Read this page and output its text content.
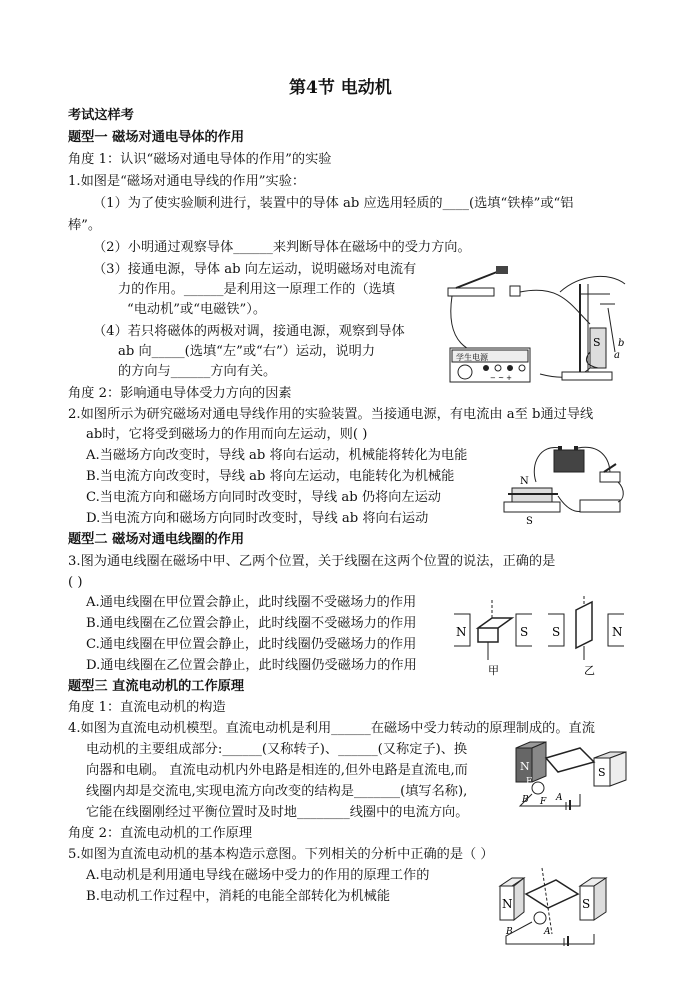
第4节 电动机
考试这样考
题型一 磁场对通电导体的作用
角度 1：认识“磁场对通电导体的作用”的实验
1.如图是“磁场对通电导线的作用”实验：
（1）为了使实验顺利进行，装置中的导体 ab 应选用轻质的____(选填“铁棒”或“铝
棒”。
（2）小明通过观察导体______来判断导体在磁场中的受力方向。
（3）接通电源，导体 ab 向左运动，说明磁场对电流有
力的作用。______是利用这一原理工作的（选填
“电动机”或“电磁铁”）。
（4）若只将磁体的两极对调，接通电源，观察到导体
ab 向_____(选填“左”或“右”）运动，说明力
的方向与______方向有关。
学生电源
− ~ +
S
a
b
角度 2：影响通电导体受力方向的因素
2.如图所示为研究磁场对通电导线作用的实验装置。当接通电源，有电流由 a至 b通过导线
ab时，它将受到磁场力的作用而向左运动，则( )
A.当磁场方向改变时，导线 ab 将向右运动，机械能将转化为电能
B.当电流方向改变时，导线 ab 将向左运动，电能转化为机械能
C.当电流方向和磁场方向同时改变时，导线 ab 仍将向左运动
D.当电流方向和磁场方向同时改变时，导线 ab 将向右运动
N
S
题型二 磁场对通电线圈的作用
3.图为通电线圈在磁场中甲、乙两个位置，关于线圈在这两个位置的说法，正确的是
( )
A.通电线圈在甲位置会静止，此时线圈不受磁场力的作用
B.通电线圈在乙位置会静止，此时线圈不受磁场力的作用
C.通电线圈在甲位置会静止，此时线圈仍受磁场力的作用
D.通电线圈在乙位置会静止，此时线圈仍受磁场力的作用
N	S
甲
S	N
乙
题型三 直流电动机的工作原理
角度 1：直流电动机的构造
4.如图为直流电动机模型。直流电动机是利用______在磁场中受力转动的原理制成的。直流
电动机的主要组成部分:______(又称转子)、______(又称定子)、换
向器和电刷。 直流电动机内外电路是相连的,但外电路是直流电,而
线圈内却是交流电,实现电流方向改变的结构是_______(填写名称),
它能在线圈刚经过平衡位置时及时地________线圈中的电流方向。
N	S
E
F A
B
角度 2：直流电动机的工作原理
5.如图为直流电动机的基本构造示意图。下列相关的分析中正确的是（ ）
A.电动机是利用通电导线在磁场中受力的作用的原理工作的
B.电动机工作过程中，消耗的电能全部转化为机械能	N	S
B	A
